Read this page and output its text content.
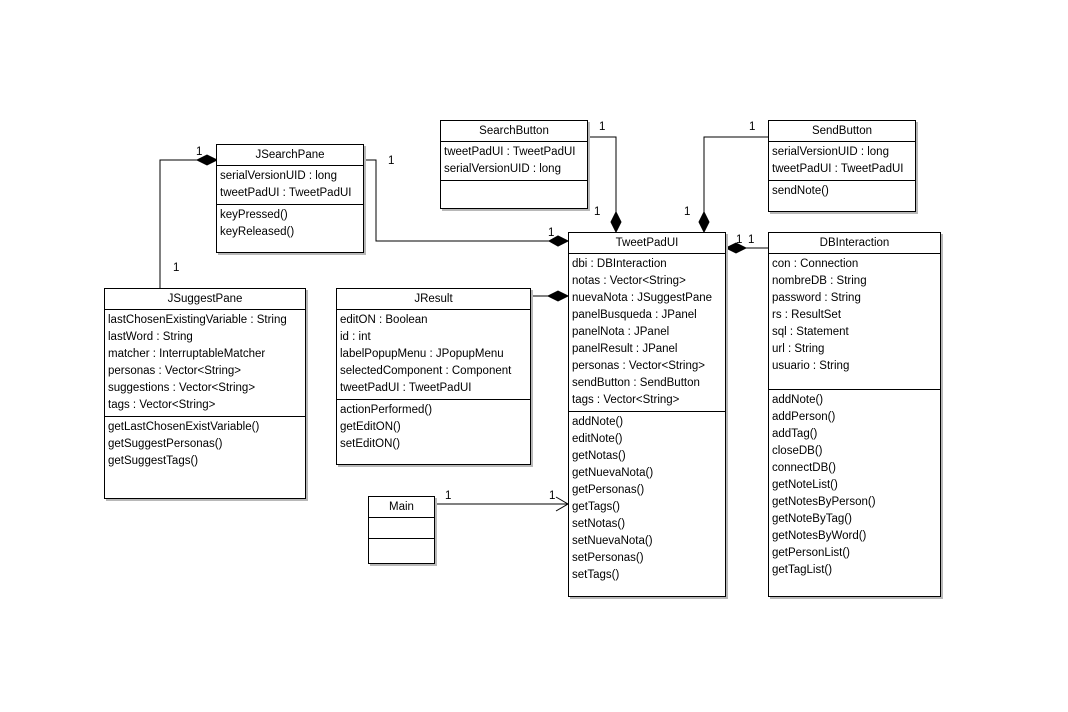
1
1
1
1
1
1
1
1
1 1
1	1
JSearchPane
serialVersionUID : long
tweetPadUI : TweetPadUI
keyPressed()
keyReleased()
SearchButton
tweetPadUI : TweetPadUI
serialVersionUID : long
SendButton
serialVersionUID : long
tweetPadUI : TweetPadUI
sendNote()
JSuggestPane
lastChosenExistingVariable : String
lastWord : String
matcher : InterruptableMatcher
personas : Vector<String>
suggestions : Vector<String>
tags : Vector<String>
getLastChosenExistVariable()
getSuggestPersonas()
getSuggestTags()
JResult
editON : Boolean
id : int
labelPopupMenu : JPopupMenu
selectedComponent : Component
tweetPadUI : TweetPadUI
actionPerformed()
getEditON()
setEditON()
TweetPadUI
dbi : DBInteraction
notas : Vector<String>
nuevaNota : JSuggestPane
panelBusqueda : JPanel
panelNota : JPanel
panelResult : JPanel
personas : Vector<String>
sendButton : SendButton
tags : Vector<String>
addNote()
editNote()
getNotas()
getNuevaNota()
getPersonas()
getTags()
setNotas()
setNuevaNota()
setPersonas()
setTags()
DBInteraction
con : Connection
nombreDB : String
password : String
rs : ResultSet
sql : Statement
url : String
usuario : String
addNote()
addPerson()
addTag()
closeDB()
connectDB()
getNoteList()
getNotesByPerson()
getNoteByTag()
getNotesByWord()
getPersonList()
getTagList()
Main
